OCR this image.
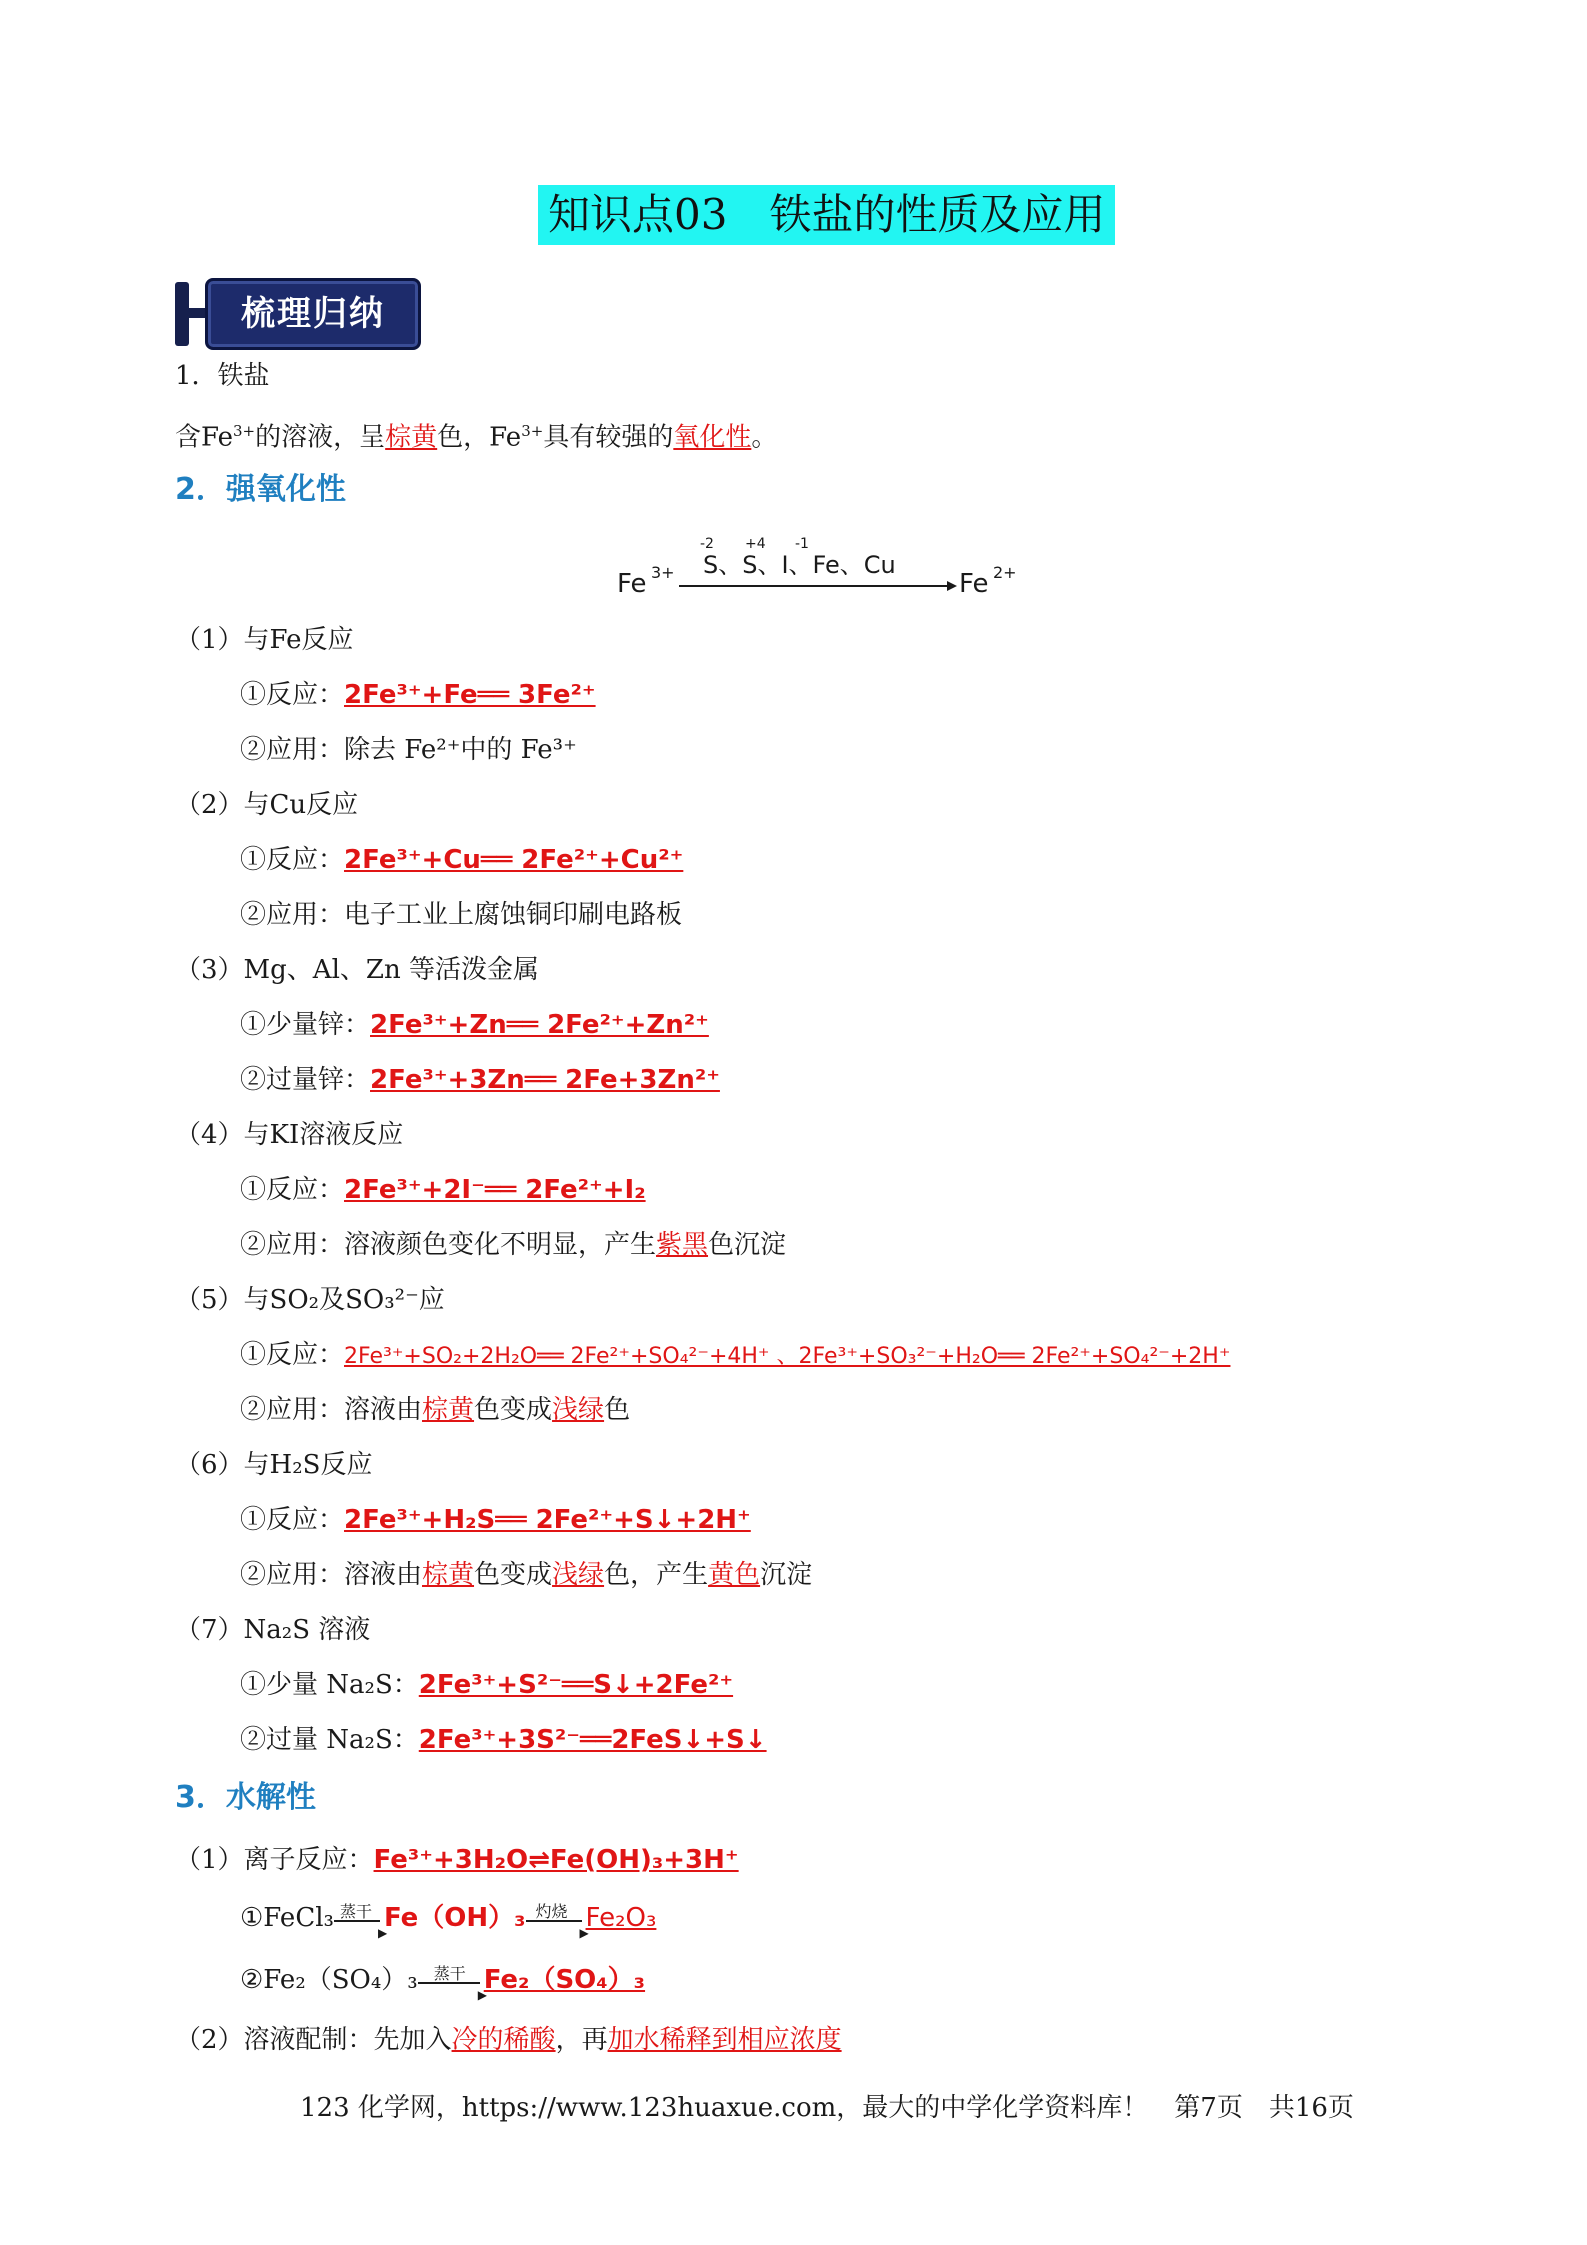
知识点03　铁盐的性质及应用
梳理归纳
1．铁盐
含$Fe^{3+}$的溶液，呈棕黄色，$Fe^{3+}$具有较强的氧化性。
2．强氧化性
Fe 3+
-2 +4 -1
S、S、I、Fe、Cu
Fe 2+
（1）与Fe反应
①反应：2Fe³⁺+Fe══ 3Fe²⁺
②应用：除去 Fe²⁺中的 Fe³⁺
（2）与Cu反应
①反应：2Fe³⁺+Cu══ 2Fe²⁺+Cu²⁺
②应用：电子工业上腐蚀铜印刷电路板
（3）Mg、Al、Zn 等活泼金属
①少量锌：2Fe³⁺+Zn══ 2Fe²⁺+Zn²⁺
②过量锌：2Fe³⁺+3Zn══ 2Fe+3Zn²⁺
（4）与KI溶液反应
①反应：2Fe³⁺+2I⁻══ 2Fe²⁺+I₂
②应用：溶液颜色变化不明显，产生紫黑色沉淀
（5）与SO₂及SO₃²⁻应
①反应：2Fe³⁺+SO₂+2H₂O══ 2Fe²⁺+SO₄²⁻+4H⁺ 、2Fe³⁺+SO₃²⁻+H₂O══ 2Fe²⁺+SO₄²⁻+2H⁺
②应用：溶液由棕黄色变成浅绿色
（6）与H₂S反应
①反应：2Fe³⁺+H₂S══ 2Fe²⁺+S↓+2H⁺
②应用：溶液由棕黄色变成浅绿色，产生黄色沉淀
（7）Na₂S 溶液
①少量 Na₂S：2Fe³⁺+S²⁻══S↓+2Fe²⁺
②过量 Na₂S：2Fe³⁺+3S²⁻══2FeS↓+S↓
3．水解性
（1）离子反应：Fe³⁺+3H₂O⇌Fe(OH)₃+3H⁺
①FeCl₃ 蒸干
▶
Fe（OH）₃ 灼烧
▶
Fe₂O₃
②Fe₂（SO₄）₃ 蒸干
▶
Fe₂（SO₄）₃
（2）溶液配制：先加入冷的稀酸，再加水稀释到相应浓度
123 化学网，https://www.123huaxue.com，最大的中学化学资料库！　第7页　共16页
